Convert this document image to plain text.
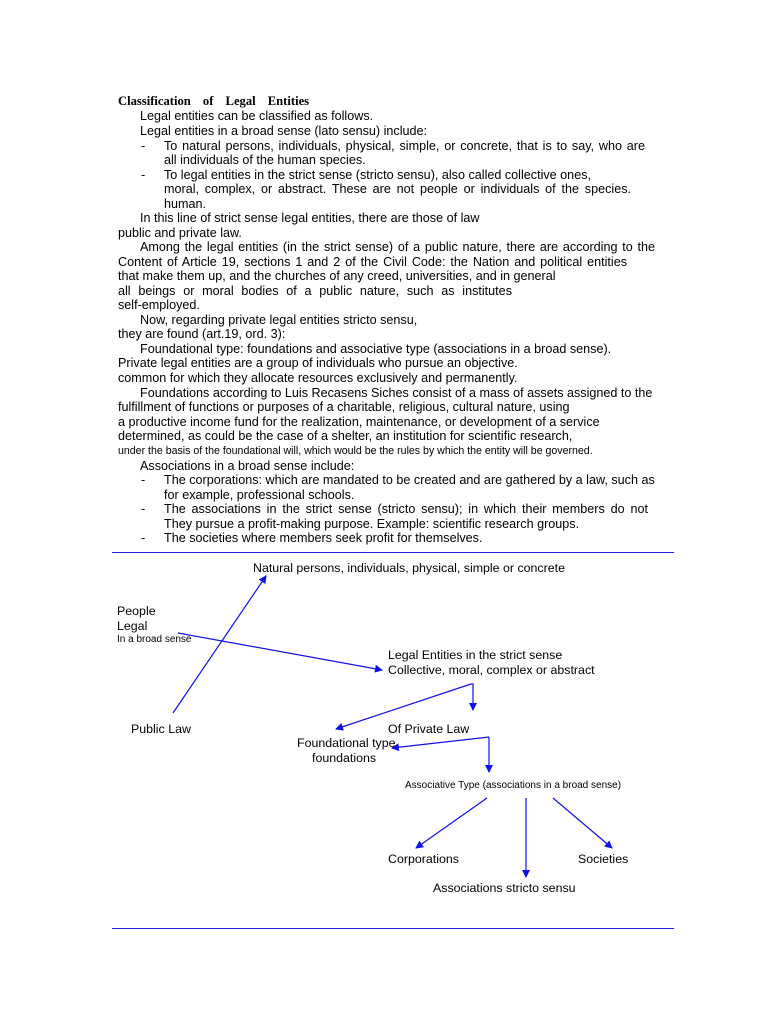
Classification of Legal Entities
Legal entities can be classified as follows.
Legal entities in a broad sense (lato sensu) include:
- To natural persons, individuals, physical, simple, or concrete, that is to say, who are
all individuals of the human species.
- To legal entities in the strict sense (stricto sensu), also called collective ones,
moral, complex, or abstract. These are not people or individuals of the species.
human.
In this line of strict sense legal entities, there are those of law
public and private law.
Among the legal entities (in the strict sense) of a public nature, there are according to the
Content of Article 19, sections 1 and 2 of the Civil Code: the Nation and political entities
that make them up, and the churches of any creed, universities, and in general
all beings or moral bodies of a public nature, such as institutes
self-employed.
Now, regarding private legal entities stricto sensu,
they are found (art.19, ord. 3):
Foundational type: foundations and associative type (associations in a broad sense).
Private legal entities are a group of individuals who pursue an objective.
common for which they allocate resources exclusively and permanently.
Foundations according to Luis Recasens Siches consist of a mass of assets assigned to the
fulfillment of functions or purposes of a charitable, religious, cultural nature, using
a productive income fund for the realization, maintenance, or development of a service
determined, as could be the case of a shelter, an institution for scientific research,
under the basis of the foundational will, which would be the rules by which the entity will be governed.
Associations in a broad sense include:
- The corporations: which are mandated to be created and are gathered by a law, such as
for example, professional schools.
- The associations in the strict sense (stricto sensu); in which their members do not
They pursue a profit-making purpose. Example: scientific research groups.
- The societies where members seek profit for themselves.
Natural persons, individuals, physical, simple or concrete
People
Legal
In a broad sense
Legal Entities in the strict sense
Collective, moral, complex or abstract
Public Law	Of Private Law
Foundational type
foundations
Associative Type (associations in a broad sense)
Corporations	Societies
Associations stricto sensu
